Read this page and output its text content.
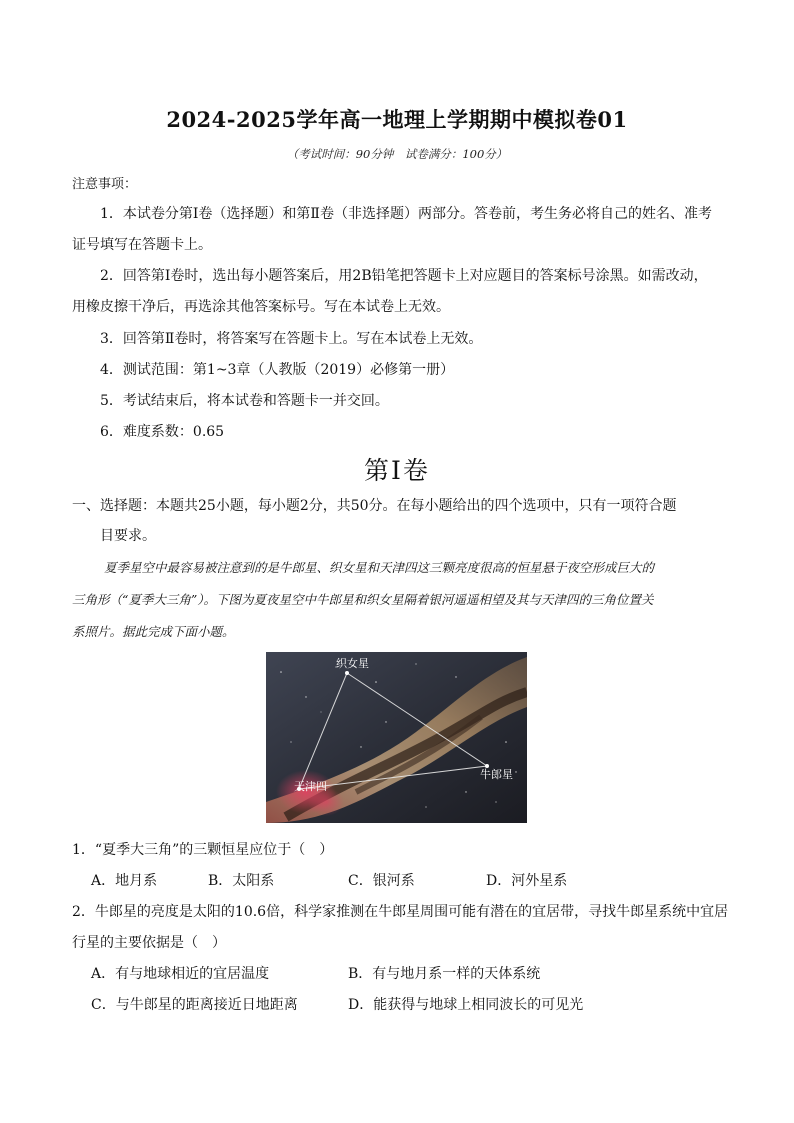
2024-2025学年高一地理上学期期中模拟卷01
（考试时间：90分钟　试卷满分：100分）
注意事项：
1．本试卷分第Ⅰ卷（选择题）和第Ⅱ卷（非选择题）两部分。答卷前，考生务必将自己的姓名、准考
证号填写在答题卡上。
2．回答第Ⅰ卷时，选出每小题答案后，用2B铅笔把答题卡上对应题目的答案标号涂黑。如需改动，
用橡皮擦干净后，再选涂其他答案标号。写在本试卷上无效。
3．回答第Ⅱ卷时，将答案写在答题卡上。写在本试卷上无效。
4．测试范围：第1~3章（人教版（2019）必修第一册）
5．考试结束后，将本试卷和答题卡一并交回。
6．难度系数：0.65
第Ⅰ卷
一、选择题：本题共25小题，每小题2分，共50分。在每小题给出的四个选项中，只有一项符合题
目要求。
夏季星空中最容易被注意到的是牛郎星、织女星和天津四这三颗亮度很高的恒星悬于夜空形成巨大的
三角形（“夏季大三角”）。下图为夏夜星空中牛郎星和织女星隔着银河遥遥相望及其与天津四的三角位置关
系照片。据此完成下面小题。
织女星
牛郎星
天津四
1．“夏季大三角”的三颗恒星应位于（　）
A．地月系	B．太阳系	C．银河系	D．河外星系
2．牛郎星的亮度是太阳的10.6倍，科学家推测在牛郎星周围可能有潜在的宜居带，寻找牛郎星系统中宜居
行星的主要依据是（　）
A．有与地球相近的宜居温度	B．有与地月系一样的天体系统
C．与牛郎星的距离接近日地距离	D．能获得与地球上相同波长的可见光
